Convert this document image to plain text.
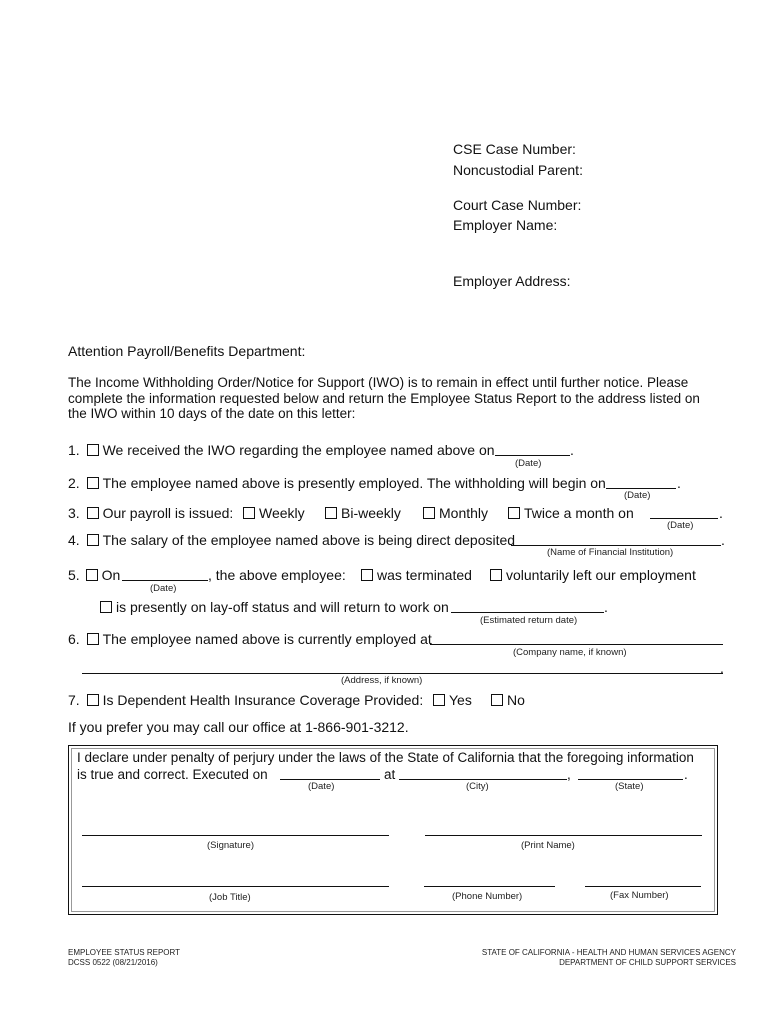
CSE Case Number:
Noncustodial Parent:
Court Case Number:
Employer Name:
Employer Address:
Attention Payroll/Benefits Department:
The Income Withholding Order/Notice for Support (IWO) is to remain in effect until further notice. Please
complete the information requested below and return the Employee Status Report to the address listed on
the IWO within 10 days of the date on this letter:
1. We received the IWO regarding the employee named above on	.
(Date)
2. The employee named above is presently employed. The withholding will begin on	.
(Date)
3. Our payroll is issued:	Weekly	Bi-weekly	Monthly	Twice a month on	.
(Date)
4. The salary of the employee named above is being direct deposited	.
(Name of Financial Institution)
5. On	, the above employee:
(Date)
was terminated	voluntarily left our employment
is presently on lay-off status and will return to work on	.
(Estimated return date)
6. The employee named above is currently employed at
(Company name, if known)
.
(Address, if known)
7. Is Dependent Health Insurance Coverage Provided:	Yes	No
If you prefer you may call our office at 1-866-901-3212.
I declare under penalty of perjury under the laws of the State of California that the foregoing information
is true and correct. Executed on	at	,	.
(Date)	(City)	(State)
(Signature)	(Print Name)
(Job Title)	(Phone Number)	(Fax Number)
EMPLOYEE STATUS REPORT
DCSS 0522 (08/21/2016)
STATE OF CALIFORNIA - HEALTH AND HUMAN SERVICES AGENCY
DEPARTMENT OF CHILD SUPPORT SERVICES
